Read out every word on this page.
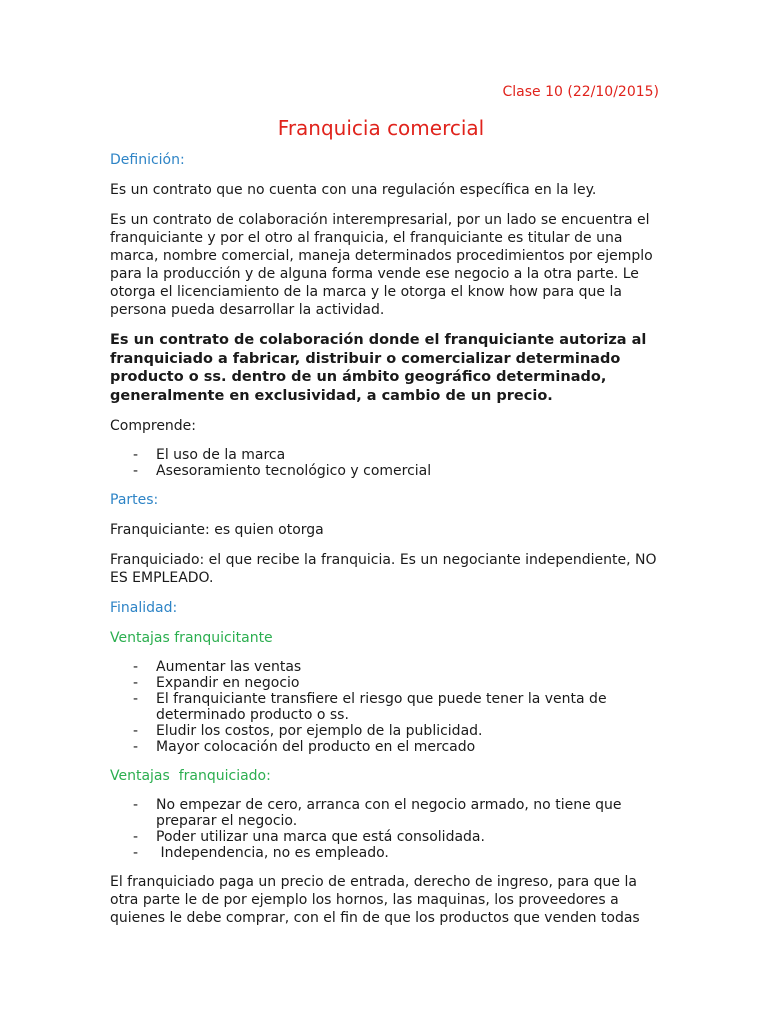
Clase 10 (22/10/2015)
Franquicia comercial
Definición:

Es un contrato que no cuenta con una regulación específica en la ley.

Es un contrato de colaboración interempresarial, por un lado se encuentra el franquiciante y por el otro al franquicia, el franquiciante es titular de una marca, nombre comercial, maneja determinados procedimientos por ejemplo para la producción y de alguna forma vende ese negocio a la otra parte. Le otorga el licenciamiento de la marca y le otorga el know how para que la persona pueda desarrollar la actividad.

Es un contrato de colaboración donde el franquiciante autoriza al franquiciado a fabricar, distribuir o comercializar determinado producto o ss. dentro de un ámbito geográfico determinado, generalmente en exclusividad, a cambio de un precio.

Comprende:

- El uso de la marca
- Asesoramiento tecnológico y comercial
Partes:

Franquiciante: es quien otorga

Franquiciado: el que recibe la franquicia. Es un negociante independiente, NO ES EMPLEADO.

Finalidad:
Ventajas franquicitante
- Aumentar las ventas
- Expandir en negocio
- El franquiciante transfiere el riesgo que puede tener la venta de determinado producto o ss.
- Eludir los costos, por ejemplo de la publicidad.
- Mayor colocación del producto en el mercado
Ventajas  franquiciado:
- No empezar de cero, arranca con el negocio armado, no tiene que preparar el negocio.
- Poder utilizar una marca que está consolidada.
- Independencia, no es empleado.

El franquiciado paga un precio de entrada, derecho de ingreso, para que la otra parte le de por ejemplo los hornos, las maquinas, los proveedores a quienes le debe comprar, con el fin de que los productos que venden todas
